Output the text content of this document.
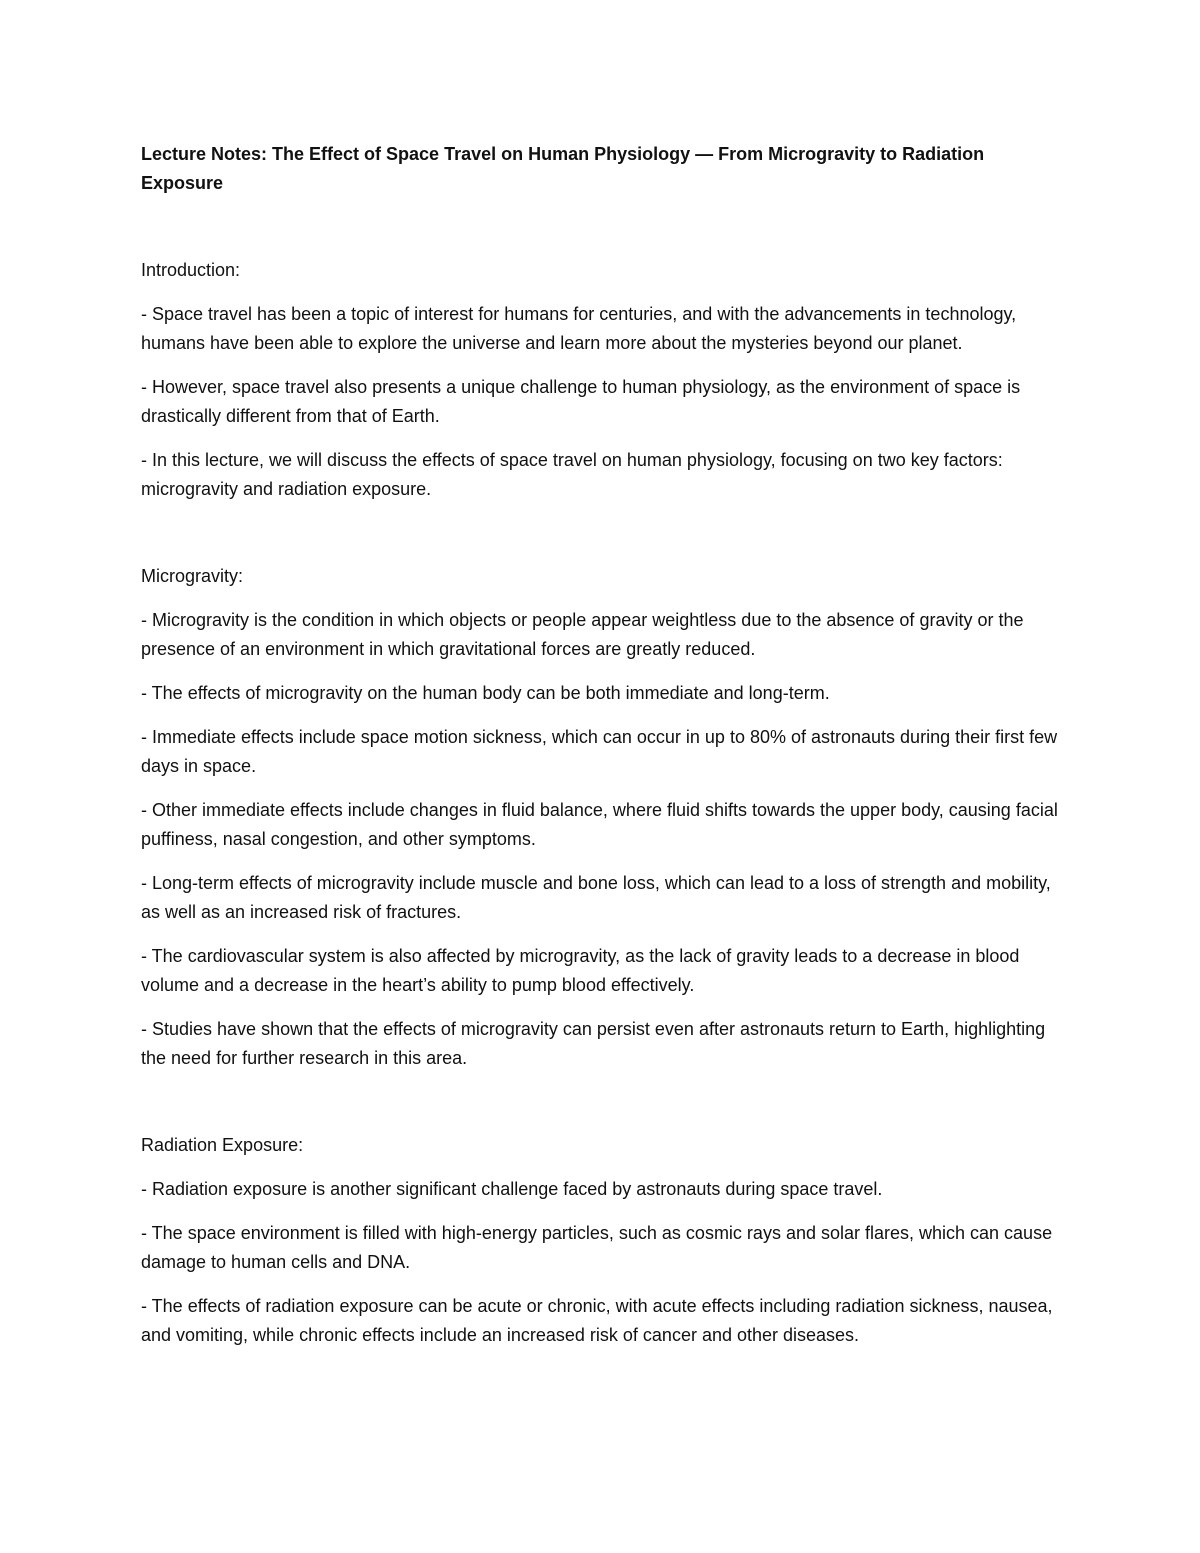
Lecture Notes: The Effect of Space Travel on Human Physiology — From Microgravity to Radiation Exposure

Introduction:

- Space travel has been a topic of interest for humans for centuries, and with the advancements in technology, humans have been able to explore the universe and learn more about the mysteries beyond our planet.

- However, space travel also presents a unique challenge to human physiology, as the environment of space is drastically different from that of Earth.

- In this lecture, we will discuss the effects of space travel on human physiology, focusing on two key factors: microgravity and radiation exposure.

Microgravity:

- Microgravity is the condition in which objects or people appear weightless due to the absence of gravity or the presence of an environment in which gravitational forces are greatly reduced.

- The effects of microgravity on the human body can be both immediate and long-term.

- Immediate effects include space motion sickness, which can occur in up to 80% of astronauts during their first few days in space.

- Other immediate effects include changes in fluid balance, where fluid shifts towards the upper body, causing facial puffiness, nasal congestion, and other symptoms.

- Long-term effects of microgravity include muscle and bone loss, which can lead to a loss of strength and mobility, as well as an increased risk of fractures.

- The cardiovascular system is also affected by microgravity, as the lack of gravity leads to a decrease in blood volume and a decrease in the heart’s ability to pump blood effectively.

- Studies have shown that the effects of microgravity can persist even after astronauts return to Earth, highlighting the need for further research in this area.

Radiation Exposure:

- Radiation exposure is another significant challenge faced by astronauts during space travel.

- The space environment is filled with high-energy particles, such as cosmic rays and solar flares, which can cause damage to human cells and DNA.

- The effects of radiation exposure can be acute or chronic, with acute effects including radiation sickness, nausea, and vomiting, while chronic effects include an increased risk of cancer and other diseases.
